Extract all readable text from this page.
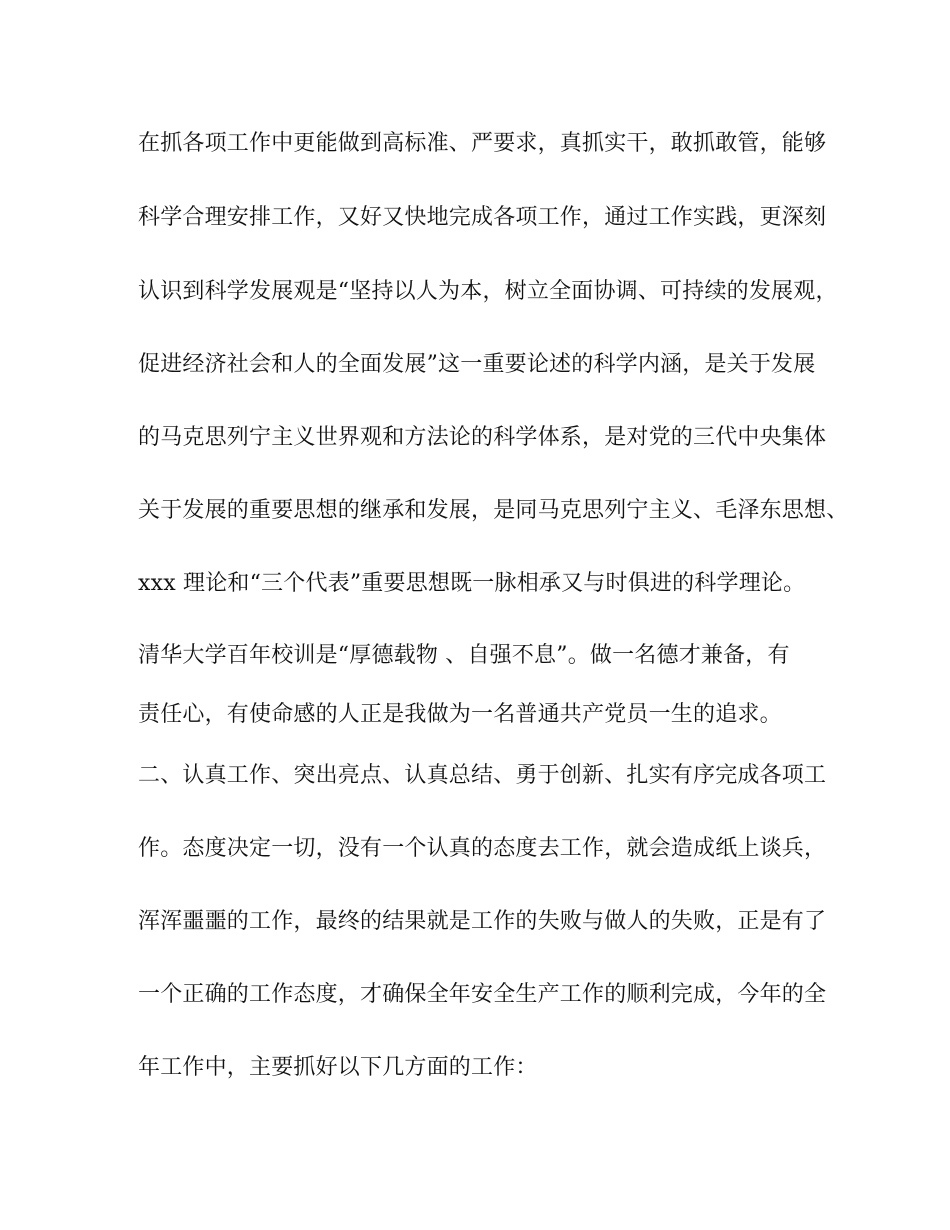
在抓各项工作中更能做到高标准、严要求，真抓实干，敢抓敢管，能够

科学合理安排工作，又好又快地完成各项工作，通过工作实践，更深刻

认识到科学发展观是“坚持以人为本，树立全面协调、可持续的发展观，

促进经济社会和人的全面发展”这一重要论述的科学内涵，是关于发展

的马克思列宁主义世界观和方法论的科学体系，是对党的三代中央集体

关于发展的重要思想的继承和发展，是同马克思列宁主义、毛泽东思想、

xxx 理论和“三个代表”重要思想既一脉相承又与时俱进的科学理论。

清华大学百年校训是“厚德载物 、自强不息”。做一名德才兼备，有

责任心，有使命感的人正是我做为一名普通共产党员一生的追求。

二、认真工作、突出亮点、认真总结、勇于创新、扎实有序完成各项工

作。态度决定一切，没有一个认真的态度去工作，就会造成纸上谈兵，

浑浑噩噩的工作，最终的结果就是工作的失败与做人的失败，正是有了

一个正确的工作态度，才确保全年安全生产工作的顺利完成，今年的全

年工作中，主要抓好以下几方面的工作：
